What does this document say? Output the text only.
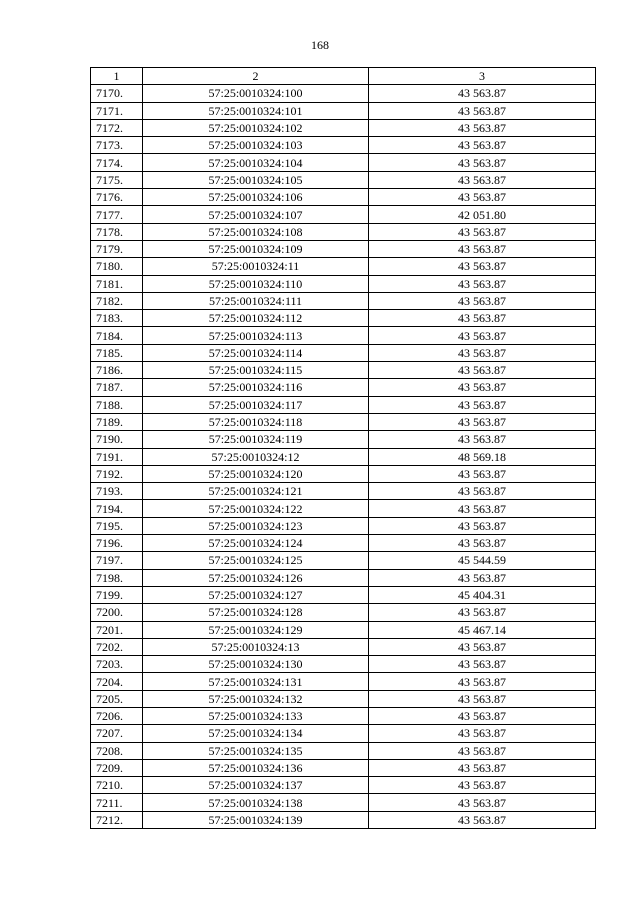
168
1	2	3
7170.	57:25:0010324:100	43 563.87
7171.	57:25:0010324:101	43 563.87
7172.	57:25:0010324:102	43 563.87
7173.	57:25:0010324:103	43 563.87
7174.	57:25:0010324:104	43 563.87
7175.	57:25:0010324:105	43 563.87
7176.	57:25:0010324:106	43 563.87
7177.	57:25:0010324:107	42 051.80
7178.	57:25:0010324:108	43 563.87
7179.	57:25:0010324:109	43 563.87
7180.	57:25:0010324:11	43 563.87
7181.	57:25:0010324:110	43 563.87
7182.	57:25:0010324:111	43 563.87
7183.	57:25:0010324:112	43 563.87
7184.	57:25:0010324:113	43 563.87
7185.	57:25:0010324:114	43 563.87
7186.	57:25:0010324:115	43 563.87
7187.	57:25:0010324:116	43 563.87
7188.	57:25:0010324:117	43 563.87
7189.	57:25:0010324:118	43 563.87
7190.	57:25:0010324:119	43 563.87
7191.	57:25:0010324:12	48 569.18
7192.	57:25:0010324:120	43 563.87
7193.	57:25:0010324:121	43 563.87
7194.	57:25:0010324:122	43 563.87
7195.	57:25:0010324:123	43 563.87
7196.	57:25:0010324:124	43 563.87
7197.	57:25:0010324:125	45 544.59
7198.	57:25:0010324:126	43 563.87
7199.	57:25:0010324:127	45 404.31
7200.	57:25:0010324:128	43 563.87
7201.	57:25:0010324:129	45 467.14
7202.	57:25:0010324:13	43 563.87
7203.	57:25:0010324:130	43 563.87
7204.	57:25:0010324:131	43 563.87
7205.	57:25:0010324:132	43 563.87
7206.	57:25:0010324:133	43 563.87
7207.	57:25:0010324:134	43 563.87
7208.	57:25:0010324:135	43 563.87
7209.	57:25:0010324:136	43 563.87
7210.	57:25:0010324:137	43 563.87
7211.	57:25:0010324:138	43 563.87
7212.	57:25:0010324:139	43 563.87
